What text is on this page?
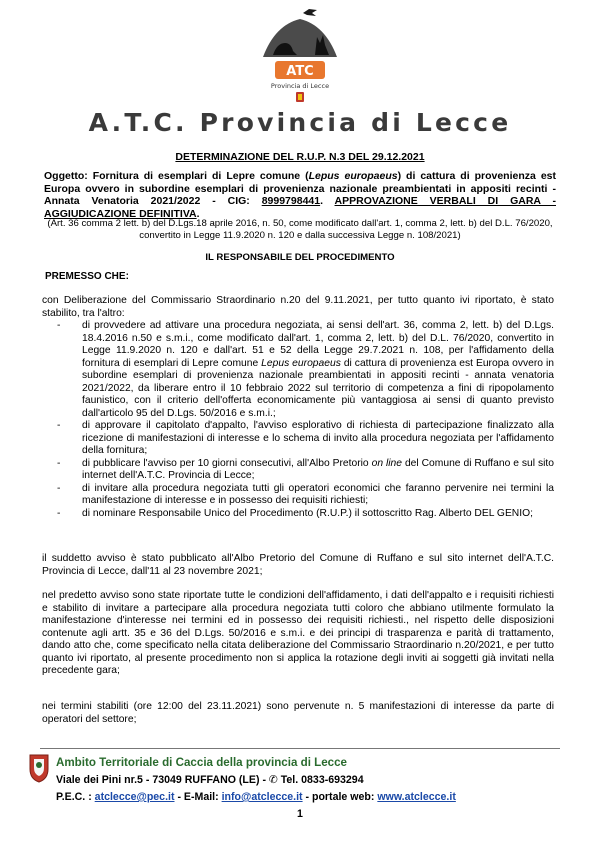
ATC
Provincia di Lecce
A.T.C. Provincia di Lecce
DETERMINAZIONE DEL R.U.P. N.3 DEL 29.12.2021
Oggetto: Fornitura di esemplari di Lepre comune (Lepus europaeus) di cattura di provenienza est Europa ovvero in subordine esemplari di provenienza nazionale preambientati in appositi recinti - Annata Venatoria 2021/2022 - CIG: 8999798441. APPROVAZIONE VERBALI DI GARA - AGGIUDICAZIONE DEFINITIVA.
(Art. 36 comma 2 lett. b) del D.Lgs.18 aprile 2016, n. 50, come modificato dall'art. 1, comma 2, lett. b) del D.L. 76/2020, convertito in Legge 11.9.2020 n. 120 e dalla successiva Legge n. 108/2021)
IL RESPONSABILE DEL PROCEDIMENTO
PREMESSO CHE:
con Deliberazione del Commissario Straordinario n.20 del 9.11.2021, per tutto quanto ivi riportato, è stato stabilito, tra l'altro:
- di provvedere ad attivare una procedura negoziata, ai sensi dell'art. 36, comma 2, lett. b) del D.Lgs. 18.4.2016 n.50 e s.m.i., come modificato dall'art. 1, comma 2, lett. b) del D.L. 76/2020, convertito in Legge 11.9.2020 n. 120 e dall'art. 51 e 52 della Legge 29.7.2021 n. 108, per l'affidamento della fornitura di esemplari di Lepre comune Lepus europaeus di cattura di provenienza est Europa ovvero in subordine esemplari di provenienza nazionale preambientati in appositi recinti - annata venatoria 2021/2022, da liberare entro il 10 febbraio 2022 sul territorio di competenza a fini di ripopolamento faunistico, con il criterio dell'offerta economicamente più vantaggiosa ai sensi di quanto previsto dall'articolo 95 del D.Lgs. 50/2016 e s.m.i.;
- di approvare il capitolato d'appalto, l'avviso esplorativo di richiesta di partecipazione finalizzato alla ricezione di manifestazioni di interesse e lo schema di invito alla procedura negoziata per l'affidamento della fornitura;
- di pubblicare l'avviso per 10 giorni consecutivi, all'Albo Pretorio on line del Comune di Ruffano e sul sito internet dell'A.T.C. Provincia di Lecce;
- di invitare alla procedura negoziata tutti gli operatori economici che faranno pervenire nei termini la manifestazione di interesse e in possesso dei requisiti richiesti;
- di nominare Responsabile Unico del Procedimento (R.U.P.) il sottoscritto Rag. Alberto DEL GENIO;
il suddetto avviso è stato pubblicato all'Albo Pretorio del Comune di Ruffano e sul sito internet dell'A.T.C. Provincia di Lecce, dall'11 al 23 novembre 2021;
nel predetto avviso sono state riportate tutte le condizioni dell'affidamento, i dati dell'appalto e i requisiti richiesti e stabilito di invitare a partecipare alla procedura negoziata tutti coloro che abbiano utilmente formulato la manifestazione d'interesse nei termini ed in possesso dei requisiti richiesti., nel rispetto delle disposizioni contenute agli artt. 35 e 36 del D.Lgs. 50/2016 e s.m.i. e dei principi di trasparenza e parità di trattamento, dando atto che, come specificato nella citata deliberazione del Commissario Straordinario n.20/2021, e per tutto quanto ivi riportato, al presente procedimento non si applica la rotazione degli inviti ai soggetti già invitati nella precedente gara;
nei termini stabiliti (ore 12:00 del 23.11.2021) sono pervenute n. 5 manifestazioni di interesse da parte di operatori del settore;
Ambito Territoriale di Caccia della provincia di Lecce
Viale dei Pini nr.5 - 73049 RUFFANO (LE) - ✆ Tel. 0833-693294
P.E.C. : atclecce@pec.it - E-Mail: info@atclecce.it - portale web: www.atclecce.it
1
